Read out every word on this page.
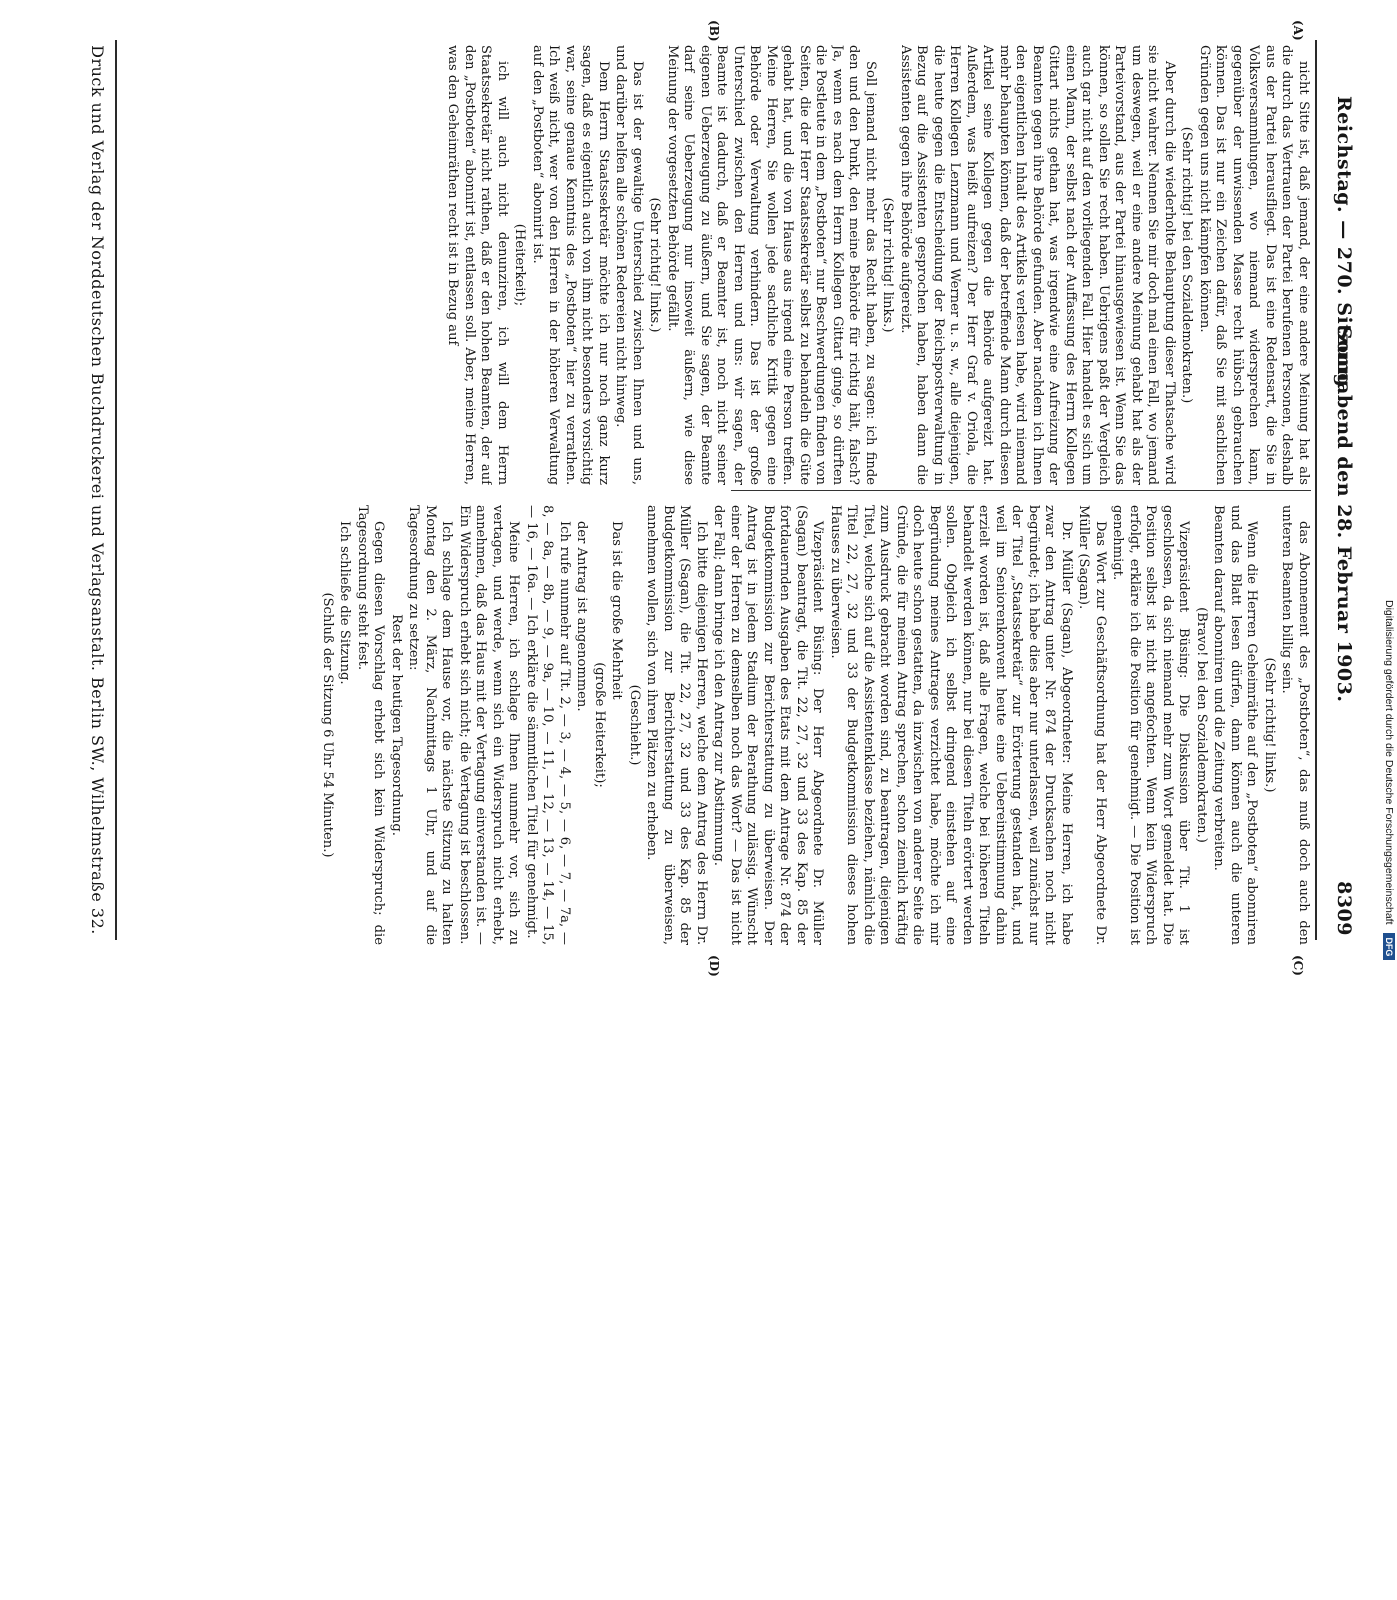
Reichstag. — 270. Sitzung.
Sonnabend den 28. Februar 1903.
8309
(A)
(B)
(C)
(D)

nicht Sitte ist, daß jemand, der eine andere Meinung hat als die durch das Vertrauen der Partei berufenen Personen, deshalb aus der Partei herausfliegt. Das ist eine Redensart, die Sie in Volksversammlungen, wo niemand widersprechen kann, gegenüber der unwissenden Masse recht hübsch gebrauchen können. Das ist nur ein Zeichen dafür, daß Sie mit sachlichen Gründen gegen uns nicht kämpfen können.

(Sehr richtig! bei den Sozialdemokraten.)

Aber durch die wiederholte Behauptung dieser Thatsache wird sie nicht wahrer. Nennen Sie mir doch mal einen Fall, wo jemand um deswegen, weil er eine andere Meinung gehabt hat als der Parteivorstand, aus der Partei hinausgewiesen ist. Wenn Sie das können, so sollen Sie recht haben. Uebrigens paßt der Vergleich auch gar nicht auf den vorliegenden Fall. Hier handelt es sich um einen Mann, der selbst nach der Auffassung des Herrn Kollegen Gittart nichts gethan hat, was irgendwie eine Aufreizung der Beamten gegen ihre Behörde gefunden. Aber nachdem ich Ihnen den eigentlichen Inhalt des Artikels verlesen habe, wird niemand mehr behaupten können, daß der betreffende Mann durch diesen Artikel seine Kollegen gegen die Behörde aufgereizt hat. Außerdem, was heißt aufreizen? Der Herr Graf v. Oriola, die Herren Kollegen Lenzmann und Werner u. s. w., alle diejenigen, die heute gegen die Entscheidung der Reichspostverwaltung in Bezug auf die Assistenten gesprochen haben, haben dann die Assistenten gegen ihre Behörde aufgereizt.

(Sehr richtig! links.)

Soll jemand nicht mehr das Recht haben, zu sagen: ich finde den und den Punkt, den meine Behörde für richtig hält, falsch? Ja, wenn es nach dem Herrn Kollegen Gittart ginge, so dürften die Postleute in dem „Postboten“ nur Beschwerdungen finden von Seiten, die der Herr Staatssekretär selbst zu behandeln die Güte gehabt hat, und die von Hause aus irgend eine Person treffen. Meine Herren, Sie wollen jede sachliche Kritik gegen eine Behörde oder Verwaltung verhindern. Das ist der große Unterschied zwischen den Herren und uns: wir sagen, der Beamte ist dadurch, daß er Beamter ist, noch nicht seiner eigenen Ueberzeugung zu äußern, und Sie sagen, der Beamte darf seine Ueberzeugung nur insoweit äußern, wie diese Meinung der vorgesetzten Behörde gefällt.

(Sehr richtig! links.)

Das ist der gewaltige Unterschied zwischen Ihnen und uns, und darüber helfen alle schönen Redereien nicht hinweg.

Dem Herrn Staatssekretär möchte ich nur noch ganz kurz sagen, daß es eigentlich auch von ihm nicht besonders vorsichtig war, seine genaue Kenntnis des „Postboten“ hier zu verrathen. Ich weiß nicht, wer von den Herren in der höheren Verwaltung auf den „Postboten“ abonnirt ist.

(Heiterkeit);

ich will auch nicht denunziren, ich will dem Herrn Staatssekretär nicht rathen, daß er den hohen Beamten, der auf den „Postboten“ abonnirt ist, entlassen soll. Aber, meine Herren, was den Geheimräthen recht ist in Bezug auf

das Abonnement des „Postboten“, das muß doch auch den unteren Beamten billig sein.

(Sehr richtig! links.)

Wenn die Herren Geheimräthe auf den „Postboten“ abonniren und das Blatt lesen dürfen, dann können auch die unteren Beamten darauf abonniren und die Zeitung verbreiten.

(Bravo! bei den Sozialdemokraten.)

Vizepräsident Büsing: Die Diskussion über Tit. 1 ist geschlossen, da sich niemand mehr zum Wort gemeldet hat. Die Position selbst ist nicht angefochten. Wenn kein Widerspruch erfolgt, erkläre ich die Position für genehmigt. — Die Position ist genehmigt.

Das Wort zur Geschäftsordnung hat der Herr Abgeordnete Dr. Müller (Sagan).

Dr. Müller (Sagan), Abgeordneter: Meine Herren, ich habe zwar den Antrag unter Nr. 874 der Drucksachen noch nicht begründet; ich habe dies aber nur unterlassen, weil zunächst nur der Titel „Staatssekretär“ zur Erörterung gestanden hat, und weil im Seniorenkonvent heute eine Uebereinstimmung dahin erzielt worden ist, daß alle Fragen, welche bei höheren Titeln behandelt werden können, nur bei diesen Titeln erörtert werden sollen. Obgleich ich selbst dringend einstehen auf eine Begründung meines Antrages verzichtet habe, möchte ich mir doch heute schon gestatten, da inzwischen von anderer Seite die Gründe, die für meinen Antrag sprechen, schon ziemlich kräftig zum Ausdruck gebracht worden sind, zu beantragen, diejenigen Titel, welche sich auf die Assistentenklasse beziehen, nämlich die Titel 22, 27, 32 und 33 der Budgetkommission dieses hohen Hauses zu überweisen.

Vizepräsident Büsing: Der Herr Abgeordnete Dr. Müller (Sagan) beantragt, die Tit. 22, 27, 32 und 33 des Kap. 85 der fortdauernden Ausgaben des Etats mit dem Antrage Nr. 874 der Budgetkommission zur Berichterstattung zu überweisen. Der Antrag ist in jedem Stadium der Berathung zulässig. Wünscht einer der Herren zu demselben noch das Wort? — Das ist nicht der Fall; dann bringe ich den Antrag zur Abstimmung.

Ich bitte diejenigen Herren, welche dem Antrag des Herrn Dr. Müller (Sagan), die Tit. 22, 27, 32 und 33 des Kap. 85 der Budgetkommission zur Berichterstattung zu überweisen, annehmen wollen, sich von ihren Plätzen zu erheben.

(Geschieht.)

Das ist die große Mehrheit

(große Heiterkeit);

der Antrag ist angenommen.

Ich rufe nunmehr auf Tit. 2, — 3, — 4, — 5, — 6, — 7, — 7a, — 8, — 8a, — 8b, — 9, — 9a, — 10, — 11, — 12, — 13, — 14, — 15, — 16, — 16a. — Ich erkläre die sämmtlichen Titel für genehmigt.

Meine Herren, ich schlage Ihnen nunmehr vor, sich zu vertagen, und werde, wenn sich ein Widerspruch nicht erhebt, annehmen, daß das Haus mit der Vertagung einverstanden ist. — Ein Widerspruch erhebt sich nicht; die Vertagung ist beschlossen.

Ich schlage dem Hause vor, die nächste Sitzung zu halten Montag den 2. März, Nachmittags 1 Uhr, und auf die Tagesordnung zu setzen:

Rest der heutigen Tagesordnung.

Gegen diesen Vorschlag erhebt sich kein Widerspruch; die Tagesordnung steht fest.

Ich schließe die Sitzung.

(Schluß der Sitzung 6 Uhr 54 Minuten.)

Druck und Verlag der Norddeutschen Buchdruckerei und Verlagsanstalt. Berlin SW., Wilhelmstraße 32.	Digitalisierung gefördert durch die Deutsche Forschungsgemeinschaft DFG
